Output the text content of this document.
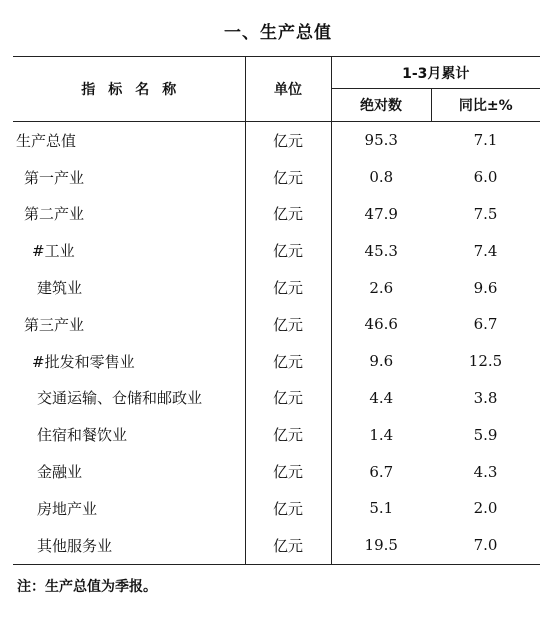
一、生产总值
指标名称	单位	1-3月累计	
		绝对数	同比±%
生产总值	亿元	95.3	7.1
第一产业	亿元	0.8	6.0
第二产业	亿元	47.9	7.5
#工业	亿元	45.3	7.4
建筑业	亿元	2.6	9.6
第三产业	亿元	46.6	6.7
#批发和零售业	亿元	9.6	12.5
交通运输、仓储和邮政业	亿元	4.4	3.8
住宿和餐饮业	亿元	1.4	5.9
金融业	亿元	6.7	4.3
房地产业	亿元	5.1	2.0
其他服务业	亿元	19.5	7.0
注：生产总值为季报。
